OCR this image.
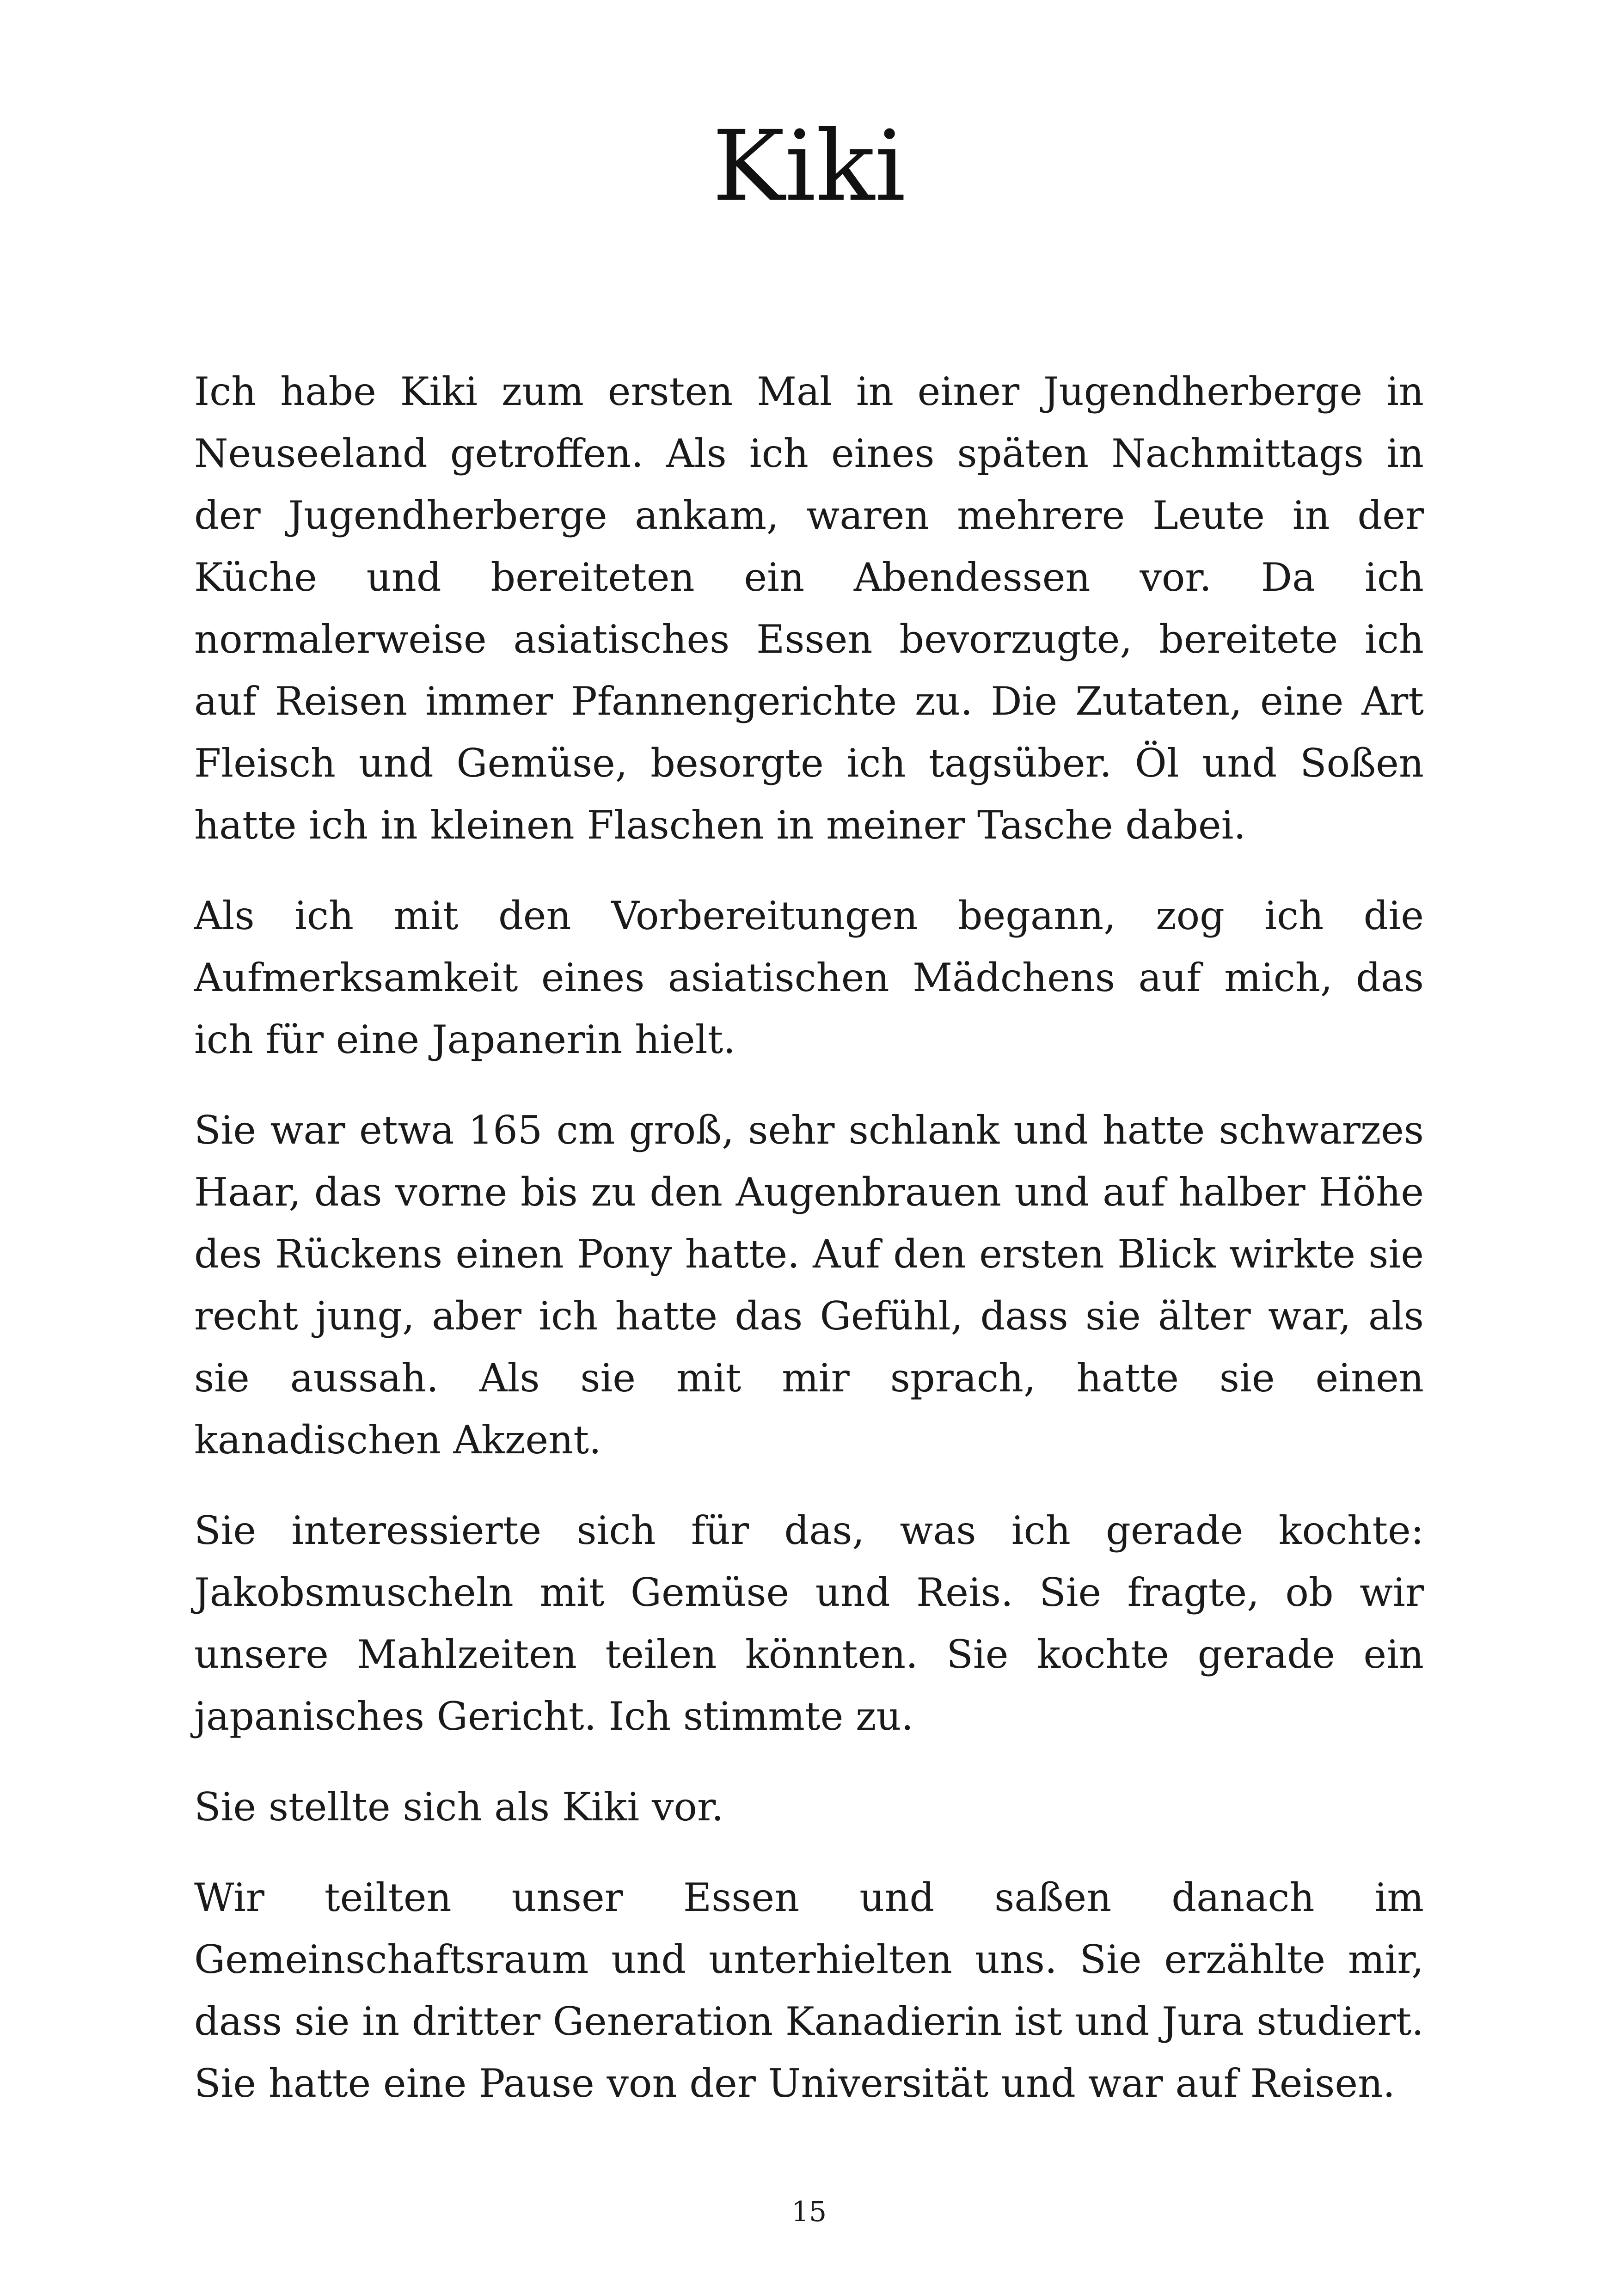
Kiki

Ich habe Kiki zum ersten Mal in einer Jugendherberge in Neuseeland getroffen. Als ich eines späten Nachmittags in der Jugendherberge ankam, waren mehrere Leute in der Küche und bereiteten ein Abendessen vor. Da ich normalerweise asiatisches Essen bevorzugte, bereitete ich auf Reisen immer Pfannengerichte zu. Die Zutaten, eine Art Fleisch und Gemüse, besorgte ich tagsüber. Öl und Soßen hatte ich in kleinen Flaschen in meiner Tasche dabei.

Als ich mit den Vorbereitungen begann, zog ich die Aufmerksamkeit eines asiatischen Mädchens auf mich, das ich für eine Japanerin hielt.

Sie war etwa 165 cm groß, sehr schlank und hatte schwarzes Haar, das vorne bis zu den Augenbrauen und auf halber Höhe des Rückens einen Pony hatte. Auf den ersten Blick wirkte sie recht jung, aber ich hatte das Gefühl, dass sie älter war, als sie aussah. Als sie mit mir sprach, hatte sie einen kanadischen Akzent.

Sie interessierte sich für das, was ich gerade kochte: Jakobsmuscheln mit Gemüse und Reis. Sie fragte, ob wir unsere Mahlzeiten teilen könnten. Sie kochte gerade ein japanisches Gericht. Ich stimmte zu.

Sie stellte sich als Kiki vor.

Wir teilten unser Essen und saßen danach im Gemeinschaftsraum und unterhielten uns. Sie erzählte mir, dass sie in dritter Generation Kanadierin ist und Jura studiert. Sie hatte eine Pause von der Universität und war auf Reisen.

15
